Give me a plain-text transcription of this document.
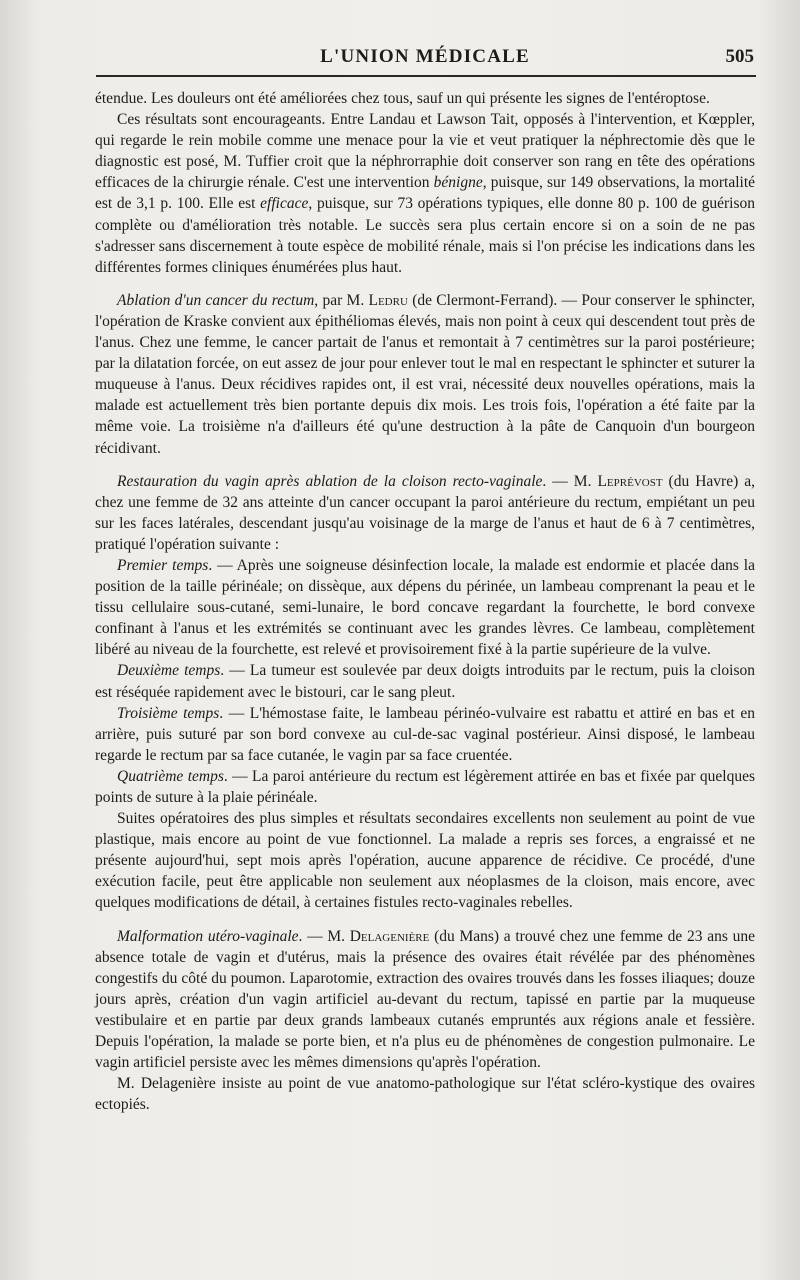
L'UNION MÉDICALE	505

étendue. Les douleurs ont été améliorées chez tous, sauf un qui présente les signes de l'entéroptose.

Ces résultats sont encourageants. Entre Landau et Lawson Tait, opposés à l'intervention, et Kœppler, qui regarde le rein mobile comme une menace pour la vie et veut pratiquer la néphrectomie dès que le diagnostic est posé, M. Tuffier croit que la néphrorraphie doit conserver son rang en tête des opérations efficaces de la chirurgie rénale. C'est une intervention bénigne, puisque, sur 149 observations, la mortalité est de 3,1 p. 100. Elle est efficace, puisque, sur 73 opérations typiques, elle donne 80 p. 100 de guérison complète ou d'amélioration très notable. Le succès sera plus certain encore si on a soin de ne pas s'adresser sans discernement à toute espèce de mobilité rénale, mais si l'on précise les indications dans les différentes formes cliniques énumérées plus haut.

Ablation d'un cancer du rectum, par M. Ledru (de Clermont-Ferrand). — Pour conserver le sphincter, l'opération de Kraske convient aux épithéliomas élevés, mais non point à ceux qui descendent tout près de l'anus. Chez une femme, le cancer partait de l'anus et remontait à 7 centimètres sur la paroi postérieure; par la dilatation forcée, on eut assez de jour pour enlever tout le mal en respectant le sphincter et suturer la muqueuse à l'anus. Deux récidives rapides ont, il est vrai, nécessité deux nouvelles opérations, mais la malade est actuellement très bien portante depuis dix mois. Les trois fois, l'opération a été faite par la même voie. La troisième n'a d'ailleurs été qu'une destruction à la pâte de Canquoin d'un bourgeon récidivant.

Restauration du vagin après ablation de la cloison recto-vaginale. — M. Leprévost (du Havre) a, chez une femme de 32 ans atteinte d'un cancer occupant la paroi antérieure du rectum, empiétant un peu sur les faces latérales, descendant jusqu'au voisinage de la marge de l'anus et haut de 6 à 7 centimètres, pratiqué l'opération suivante :

Premier temps. — Après une soigneuse désinfection locale, la malade est endormie et placée dans la position de la taille périnéale; on dissèque, aux dépens du périnée, un lambeau comprenant la peau et le tissu cellulaire sous-cutané, semi-lunaire, le bord concave regardant la fourchette, le bord convexe confinant à l'anus et les extrémités se continuant avec les grandes lèvres. Ce lambeau, complètement libéré au niveau de la fourchette, est relevé et provisoirement fixé à la partie supérieure de la vulve.

Deuxième temps. — La tumeur est soulevée par deux doigts introduits par le rectum, puis la cloison est réséquée rapidement avec le bistouri, car le sang pleut.

Troisième temps. — L'hémostase faite, le lambeau périnéo-vulvaire est rabattu et attiré en bas et en arrière, puis suturé par son bord convexe au cul-de-sac vaginal postérieur. Ainsi disposé, le lambeau regarde le rectum par sa face cutanée, le vagin par sa face cruentée.

Quatrième temps. — La paroi antérieure du rectum est légèrement attirée en bas et fixée par quelques points de suture à la plaie périnéale.

Suites opératoires des plus simples et résultats secondaires excellents non seulement au point de vue plastique, mais encore au point de vue fonctionnel. La malade a repris ses forces, a engraissé et ne présente aujourd'hui, sept mois après l'opération, aucune apparence de récidive. Ce procédé, d'une exécution facile, peut être applicable non seulement aux néoplasmes de la cloison, mais encore, avec quelques modifications de détail, à certaines fistules recto-vaginales rebelles.

Malformation utéro-vaginale. — M. Delagenière (du Mans) a trouvé chez une femme de 23 ans une absence totale de vagin et d'utérus, mais la présence des ovaires était révélée par des phénomènes congestifs du côté du poumon. Laparotomie, extraction des ovaires trouvés dans les fosses iliaques; douze jours après, création d'un vagin artificiel au-devant du rectum, tapissé en partie par la muqueuse vestibulaire et en partie par deux grands lambeaux cutanés empruntés aux régions anale et fessière. Depuis l'opération, la malade se porte bien, et n'a plus eu de phénomènes de congestion pulmonaire. Le vagin artificiel persiste avec les mêmes dimensions qu'après l'opération.

M. Delagenière insiste au point de vue anatomo-pathologique sur l'état scléro-kystique des ovaires ectopiés.
